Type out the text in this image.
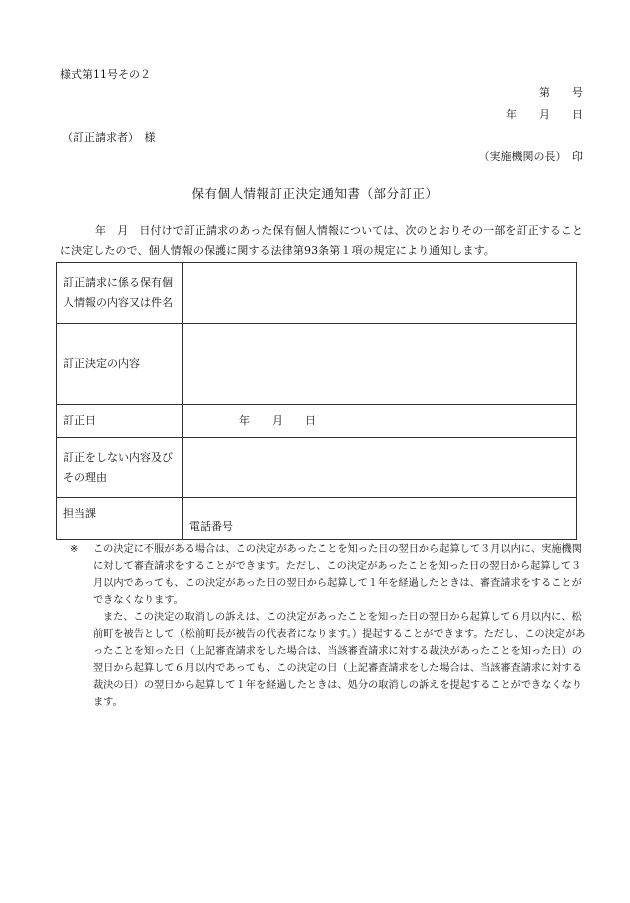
様式第11号その２
第　　号
年　　月　　日
（訂正請求者）　様
（実施機関の長）　印
保有個人情報訂正決定通知書（部分訂正）
年　月　日付けで訂正請求のあった保有個人情報については、次のとおりその一部を訂正することに決定したので、個人情報の保護に関する法律第93条第１項の規定により通知します。
訂正請求に係る保有個人情報の内容又は件名	
訂正決定の内容	
訂正日	年　　月　　日
訂正をしない内容及びその理由	
担当課	電話番号
※	この決定に不服がある場合は、この決定があったことを知った日の翌日から起算して３月以内に、実施機関に対して審査請求をすることができます。ただし、この決定があったことを知った日の翌日から起算して３月以内であっても、この決定があった日の翌日から起算して１年を経過したときは、審査請求をすることができなくなります。

また、この決定の取消しの訴えは、この決定があったことを知った日の翌日から起算して６月以内に、松前町を被告として（松前町長が被告の代表者になります。）提起することができます。ただし、この決定があったことを知った日（上記審査請求をした場合は、当該審査請求に対する裁決があったことを知った日）の翌日から起算して６月以内であっても、この決定の日（上記審査請求をした場合は、当該審査請求に対する裁決の日）の翌日から起算して１年を経過したときは、処分の取消しの訴えを提起することができなくなります。
